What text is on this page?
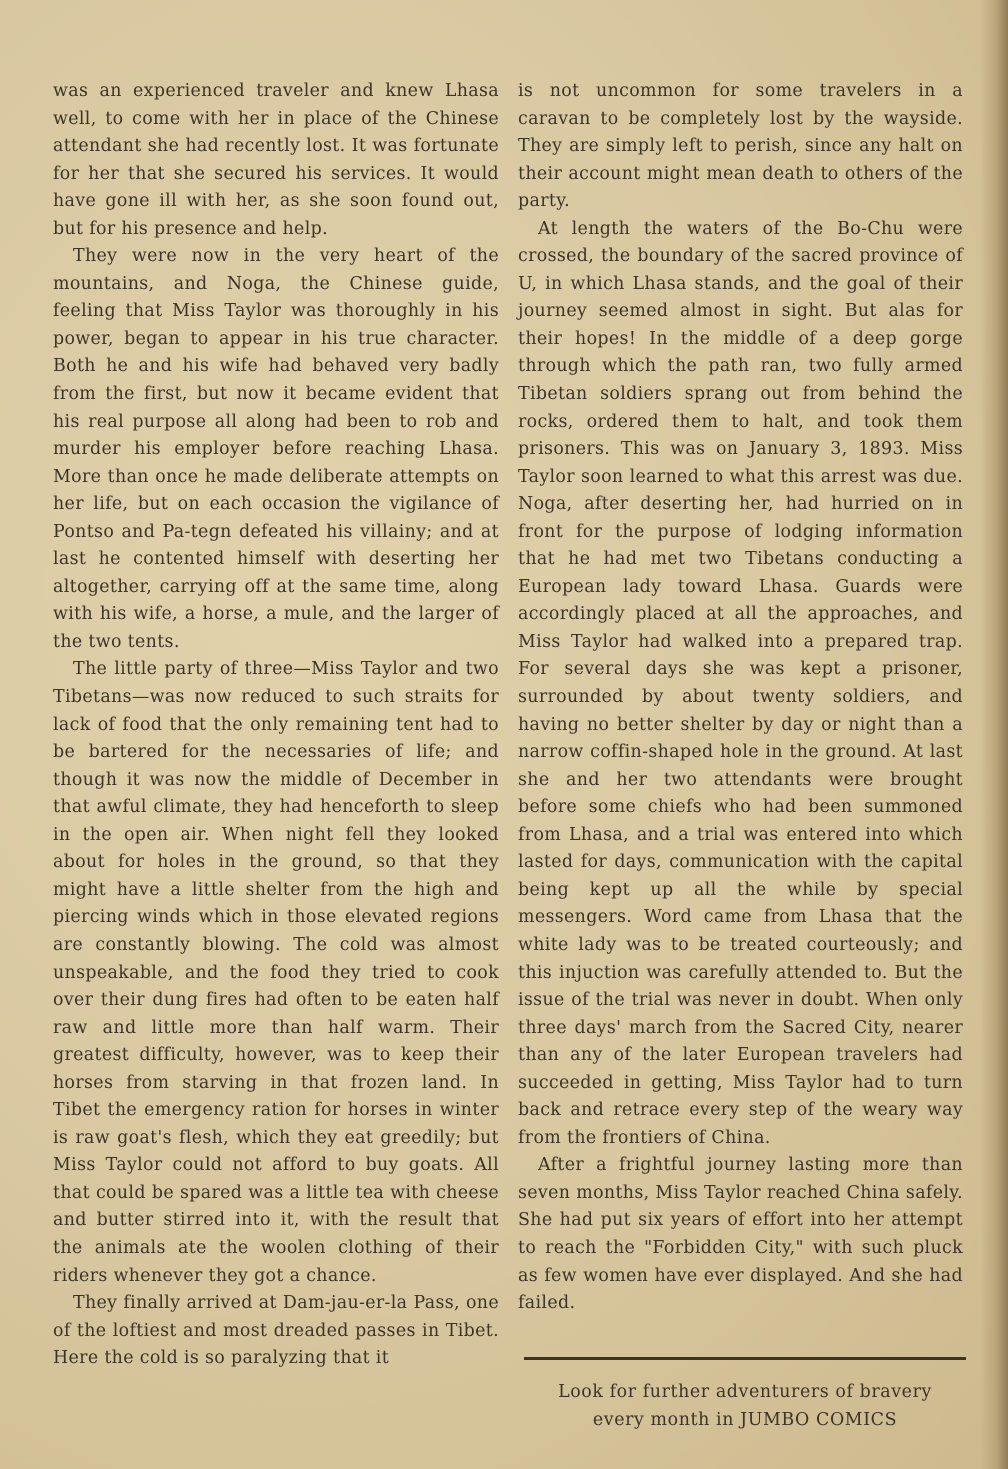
was an experienced traveler and knew Lhasa well, to come with her in place of the Chinese attendant she had recently lost. It was fortunate for her that she secured his services. It would have gone ill with her, as she soon found out, but for his presence and help.

They were now in the very heart of the mountains, and Noga, the Chinese guide, feeling that Miss Taylor was thoroughly in his power, began to appear in his true character. Both he and his wife had behaved very badly from the first, but now it became evident that his real purpose all along had been to rob and murder his employer before reaching Lhasa. More than once he made deliberate attempts on her life, but on each occasion the vigilance of Pontso and Pa-tegn defeated his villainy; and at last he contented himself with deserting her altogether, carrying off at the same time, along with his wife, a horse, a mule, and the larger of the two tents.

The little party of three—Miss Taylor and two Tibetans—was now reduced to such straits for lack of food that the only remaining tent had to be bartered for the necessaries of life; and though it was now the middle of December in that awful climate, they had henceforth to sleep in the open air. When night fell they looked about for holes in the ground, so that they might have a little shelter from the high and piercing winds which in those elevated regions are constantly blowing. The cold was almost unspeakable, and the food they tried to cook over their dung fires had often to be eaten half raw and little more than half warm. Their greatest difficulty, however, was to keep their horses from starving in that frozen land. In Tibet the emergency ration for horses in winter is raw goat's flesh, which they eat greedily; but Miss Taylor could not afford to buy goats. All that could be spared was a little tea with cheese and butter stirred into it, with the result that the animals ate the woolen clothing of their riders whenever they got a chance.

They finally arrived at Dam-jau-er-la Pass, one of the loftiest and most dreaded passes in Tibet. Here the cold is so paralyzing that it

is not uncommon for some travelers in a caravan to be completely lost by the wayside. They are simply left to perish, since any halt on their account might mean death to others of the party.

At length the waters of the Bo-Chu were crossed, the boundary of the sacred province of U, in which Lhasa stands, and the goal of their journey seemed almost in sight. But alas for their hopes! In the middle of a deep gorge through which the path ran, two fully armed Tibetan soldiers sprang out from behind the rocks, ordered them to halt, and took them prisoners. This was on January 3, 1893. Miss Taylor soon learned to what this arrest was due. Noga, after deserting her, had hurried on in front for the purpose of lodging information that he had met two Tibetans conducting a European lady toward Lhasa. Guards were accordingly placed at all the approaches, and Miss Taylor had walked into a prepared trap. For several days she was kept a prisoner, surrounded by about twenty soldiers, and having no better shelter by day or night than a narrow coffin-shaped hole in the ground. At last she and her two attendants were brought before some chiefs who had been summoned from Lhasa, and a trial was entered into which lasted for days, communication with the capital being kept up all the while by special messengers. Word came from Lhasa that the white lady was to be treated courteously; and this injuction was carefully attended to. But the issue of the trial was never in doubt. When only three days' march from the Sacred City, nearer than any of the later European travelers had succeeded in getting, Miss Taylor had to turn back and retrace every step of the weary way from the frontiers of China.

After a frightful journey lasting more than seven months, Miss Taylor reached China safely. She had put six years of effort into her attempt to reach the "Forbidden City," with such pluck as few women have ever displayed. And she had failed.

Look for further adventurers of bravery
every month in JUMBO COMICS
